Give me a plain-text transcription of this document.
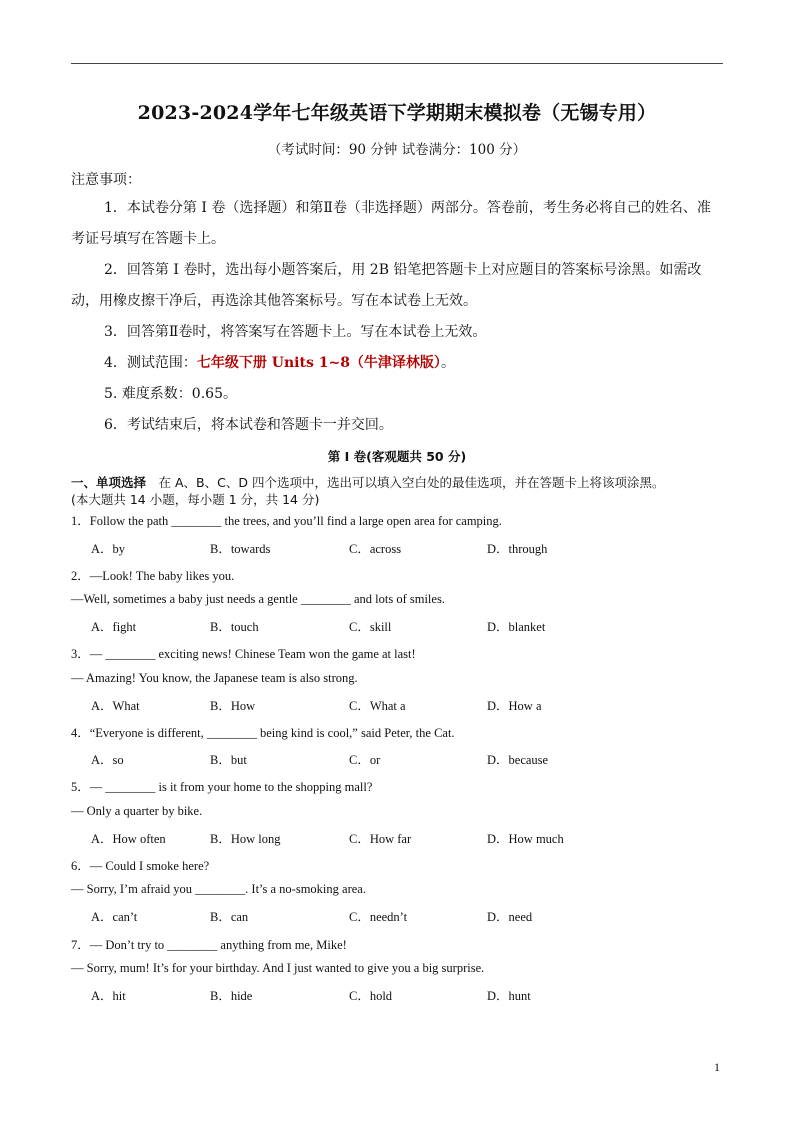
2023-2024学年七年级英语下学期期末模拟卷（无锡专用）
（考试时间：90 分钟 试卷满分：100 分）
注意事项：
1．本试卷分第 I 卷（选择题）和第Ⅱ卷（非选择题）两部分。答卷前，考生务必将自己的姓名、准考证号填写在答题卡上。
2．回答第 I 卷时，选出每小题答案后，用 2B 铅笔把答题卡上对应题目的答案标号涂黑。如需改动，用橡皮擦干净后，再选涂其他答案标号。写在本试卷上无效。
3．回答第Ⅱ卷时，将答案写在答题卡上。写在本试卷上无效。
4．测试范围：七年级下册 Units 1~8（牛津译林版）。
5. 难度系数：0.65。
6．考试结束后，将本试卷和答题卡一并交回。
第 I 卷(客观题共 50 分)
一、单项选择　在 A、B、C、D 四个选项中，选出可以填入空白处的最佳选项，并在答题卡上将该项涂黑。
(本大题共 14 小题，每小题 1 分，共 14 分)
1．Follow the path ________ the trees, and you’ll find a large open area for camping.
A．by	B．towards	C．across	D．through
2．—Look! The baby likes you.
—Well, sometimes a baby just needs a gentle ________ and lots of smiles.
A．fight	B．touch	C．skill	D．blanket
3．— ________ exciting news! Chinese Team won the game at last!
— Amazing! You know, the Japanese team is also strong.
A．What	B．How	C．What a	D．How a
4．“Everyone is different, ________ being kind is cool,” said Peter, the Cat.
A．so	B．but	C．or	D．because
5．— ________ is it from your home to the shopping mall?
— Only a quarter by bike.
A．How often	B．How long	C．How far	D．How much
6．— Could I smoke here?
— Sorry, I’m afraid you ________. It’s a no-smoking area.
A．can’t	B．can	C．needn’t	D．need
7．— Don’t try to ________ anything from me, Mike!
— Sorry, mum! It’s for your birthday. And I just wanted to give you a big surprise.
A．hit	B．hide	C．hold	D．hunt
1
